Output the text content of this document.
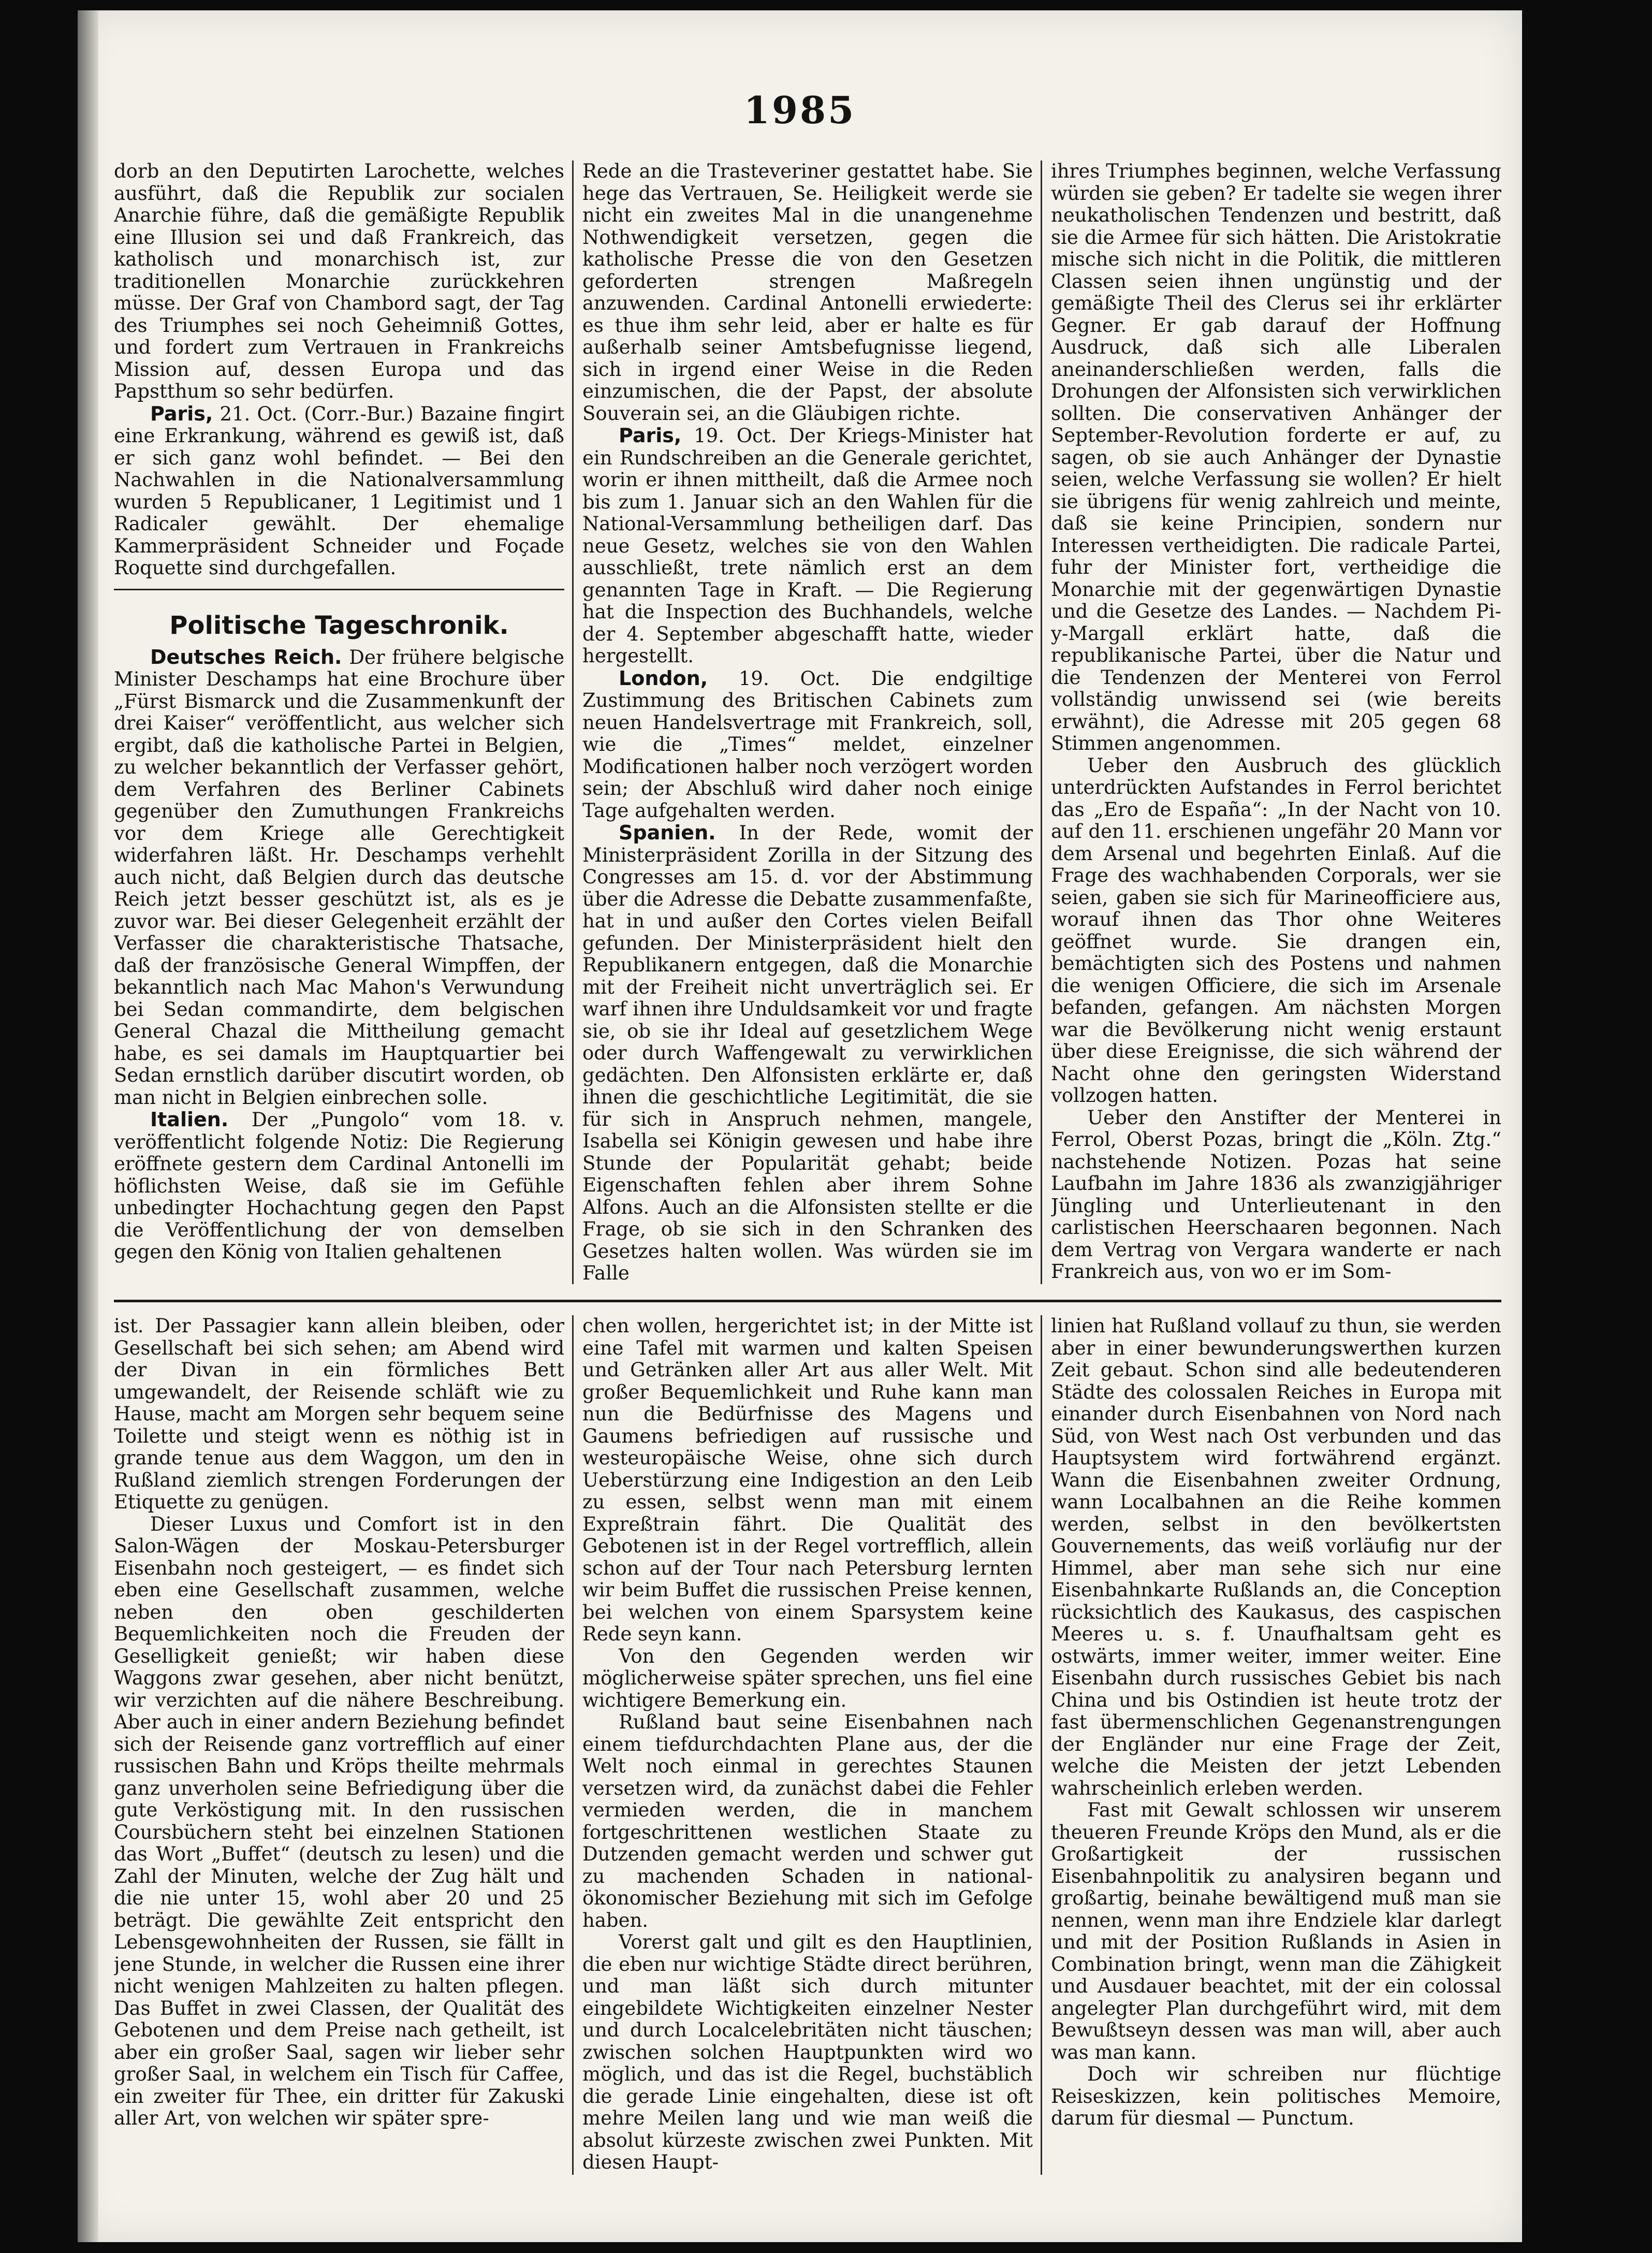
1985

dorb an den Deputirten Larochette, welches ausführt, daß die Republik zur socialen Anarchie führe, daß die gemäßigte Republik eine Illusion sei und daß Frankreich, das katholisch und monarchisch ist, zur traditionellen Monarchie zurückkehren müsse. Der Graf von Chambord sagt, der Tag des Triumphes sei noch Geheimniß Gottes, und fordert zum Vertrauen in Frankreichs Mission auf, dessen Europa und das Papstthum so sehr bedürfen.

Paris, 21. Oct. (Corr.-Bur.) Bazaine fingirt eine Erkrankung, während es gewiß ist, daß er sich ganz wohl befindet. — Bei den Nachwahlen in die Nationalversammlung wurden 5 Republicaner, 1 Legitimist und 1 Radicaler gewählt. Der ehemalige Kammerpräsident Schneider und Foçade Roquette sind durchgefallen.

Politische Tageschronik.

Deutsches Reich. Der frühere belgische Minister Deschamps hat eine Brochure über „Fürst Bismarck und die Zusammenkunft der drei Kaiser“ veröffentlicht, aus welcher sich ergibt, daß die katholische Partei in Belgien, zu welcher bekanntlich der Verfasser gehört, dem Verfahren des Berliner Cabinets gegenüber den Zumuthungen Frankreichs vor dem Kriege alle Gerechtigkeit widerfahren läßt. Hr. Deschamps verhehlt auch nicht, daß Belgien durch das deutsche Reich jetzt besser geschützt ist, als es je zuvor war. Bei dieser Gelegenheit erzählt der Verfasser die charakteristische Thatsache, daß der französische General Wimpffen, der bekanntlich nach Mac Mahon's Verwundung bei Sedan commandirte, dem belgischen General Chazal die Mittheilung gemacht habe, es sei damals im Hauptquartier bei Sedan ernstlich darüber discutirt worden, ob man nicht in Belgien einbrechen solle.

Italien. Der „Pungolo“ vom 18. v. veröffentlicht folgende Notiz: Die Regierung eröffnete gestern dem Cardinal Antonelli im höflichsten Weise, daß sie im Gefühle unbedingter Hochachtung gegen den Papst die Veröffentlichung der von demselben gegen den König von Italien gehaltenen

Rede an die Trasteveriner gestattet habe. Sie hege das Vertrauen, Se. Heiligkeit werde sie nicht ein zweites Mal in die unangenehme Nothwendigkeit versetzen, gegen die katholische Presse die von den Gesetzen geforderten strengen Maßregeln anzuwenden. Cardinal Antonelli erwiederte: es thue ihm sehr leid, aber er halte es für außerhalb seiner Amtsbefugnisse liegend, sich in irgend einer Weise in die Reden einzumischen, die der Papst, der absolute Souverain sei, an die Gläubigen richte.

Paris, 19. Oct. Der Kriegs-Minister hat ein Rundschreiben an die Generale gerichtet, worin er ihnen mittheilt, daß die Armee noch bis zum 1. Januar sich an den Wahlen für die National-Versammlung betheiligen darf. Das neue Gesetz, welches sie von den Wahlen ausschließt, trete nämlich erst an dem genannten Tage in Kraft. — Die Regierung hat die Inspection des Buchhandels, welche der 4. September abgeschafft hatte, wieder hergestellt.

London, 19. Oct. Die endgiltige Zustimmung des Britischen Cabinets zum neuen Handelsvertrage mit Frankreich, soll, wie die „Times“ meldet, einzelner Modificationen halber noch verzögert worden sein; der Abschluß wird daher noch einige Tage aufgehalten werden.

Spanien. In der Rede, womit der Ministerpräsident Zorilla in der Sitzung des Congresses am 15. d. vor der Abstimmung über die Adresse die Debatte zusammenfaßte, hat in und außer den Cortes vielen Beifall gefunden. Der Ministerpräsident hielt den Republikanern entgegen, daß die Monarchie mit der Freiheit nicht unverträglich sei. Er warf ihnen ihre Unduldsamkeit vor und fragte sie, ob sie ihr Ideal auf gesetzlichem Wege oder durch Waffengewalt zu verwirklichen gedächten. Den Alfonsisten erklärte er, daß ihnen die geschichtliche Legitimität, die sie für sich in Anspruch nehmen, mangele, Isabella sei Königin gewesen und habe ihre Stunde der Popularität gehabt; beide Eigenschaften fehlen aber ihrem Sohne Alfons. Auch an die Alfonsisten stellte er die Frage, ob sie sich in den Schranken des Gesetzes halten wollen. Was würden sie im Falle

ihres Triumphes beginnen, welche Verfassung würden sie geben? Er tadelte sie wegen ihrer neukatholischen Tendenzen und bestritt, daß sie die Armee für sich hätten. Die Aristokratie mische sich nicht in die Politik, die mittleren Classen seien ihnen ungünstig und der gemäßigte Theil des Clerus sei ihr erklärter Gegner. Er gab darauf der Hoffnung Ausdruck, daß sich alle Liberalen aneinanderschließen werden, falls die Drohungen der Alfonsisten sich verwirklichen sollten. Die conservativen Anhänger der September-Revolution forderte er auf, zu sagen, ob sie auch Anhänger der Dynastie seien, welche Verfassung sie wollen? Er hielt sie übrigens für wenig zahlreich und meinte, daß sie keine Principien, sondern nur Interessen vertheidigten. Die radicale Partei, fuhr der Minister fort, vertheidige die Monarchie mit der gegenwärtigen Dynastie und die Gesetze des Landes. — Nachdem Pi-y-Margall erklärt hatte, daß die republikanische Partei, über die Natur und die Tendenzen der Menterei von Ferrol vollständig unwissend sei (wie bereits erwähnt), die Adresse mit 205 gegen 68 Stimmen angenommen.

Ueber den Ausbruch des glücklich unterdrückten Aufstandes in Ferrol berichtet das „Ero de España“: „In der Nacht von 10. auf den 11. erschienen ungefähr 20 Mann vor dem Arsenal und begehrten Einlaß. Auf die Frage des wachhabenden Corporals, wer sie seien, gaben sie sich für Marineofficiere aus, worauf ihnen das Thor ohne Weiteres geöffnet wurde. Sie drangen ein, bemächtigten sich des Postens und nahmen die wenigen Officiere, die sich im Arsenale befanden, gefangen. Am nächsten Morgen war die Bevölkerung nicht wenig erstaunt über diese Ereignisse, die sich während der Nacht ohne den geringsten Widerstand vollzogen hatten.

Ueber den Anstifter der Menterei in Ferrol, Oberst Pozas, bringt die „Köln. Ztg.“ nachstehende Notizen. Pozas hat seine Laufbahn im Jahre 1836 als zwanzigjähriger Jüngling und Unterlieutenant in den carlistischen Heerschaaren begonnen. Nach dem Vertrag von Vergara wanderte er nach Frankreich aus, von wo er im Som-

ist. Der Passagier kann allein bleiben, oder Gesellschaft bei sich sehen; am Abend wird der Divan in ein förmliches Bett umgewandelt, der Reisende schläft wie zu Hause, macht am Morgen sehr bequem seine Toilette und steigt wenn es nöthig ist in grande tenue aus dem Waggon, um den in Rußland ziemlich strengen Forderungen der Etiquette zu genügen.

Dieser Luxus und Comfort ist in den Salon-Wägen der Moskau-Petersburger Eisenbahn noch gesteigert, — es findet sich eben eine Gesellschaft zusammen, welche neben den oben geschilderten Bequemlichkeiten noch die Freuden der Geselligkeit genießt; wir haben diese Waggons zwar gesehen, aber nicht benützt, wir verzichten auf die nähere Beschreibung. Aber auch in einer andern Beziehung befindet sich der Reisende ganz vortrefflich auf einer russischen Bahn und Kröps theilte mehrmals ganz unverholen seine Befriedigung über die gute Verköstigung mit. In den russischen Coursbüchern steht bei einzelnen Stationen das Wort „Buffet“ (deutsch zu lesen) und die Zahl der Minuten, welche der Zug hält und die nie unter 15, wohl aber 20 und 25 beträgt. Die gewählte Zeit entspricht den Lebensgewohnheiten der Russen, sie fällt in jene Stunde, in welcher die Russen eine ihrer nicht wenigen Mahlzeiten zu halten pflegen. Das Buffet in zwei Classen, der Qualität des Gebotenen und dem Preise nach getheilt, ist aber ein großer Saal, sagen wir lieber sehr großer Saal, in welchem ein Tisch für Caffee, ein zweiter für Thee, ein dritter für Zakuski aller Art, von welchen wir später spre-

chen wollen, hergerichtet ist; in der Mitte ist eine Tafel mit warmen und kalten Speisen und Getränken aller Art aus aller Welt. Mit großer Bequemlichkeit und Ruhe kann man nun die Bedürfnisse des Magens und Gaumens befriedigen auf russische und westeuropäische Weise, ohne sich durch Ueberstürzung eine Indigestion an den Leib zu essen, selbst wenn man mit einem Expreßtrain fährt. Die Qualität des Gebotenen ist in der Regel vortrefflich, allein schon auf der Tour nach Petersburg lernten wir beim Buffet die russischen Preise kennen, bei welchen von einem Sparsystem keine Rede seyn kann.

Von den Gegenden werden wir möglicherweise später sprechen, uns fiel eine wichtigere Bemerkung ein.

Rußland baut seine Eisenbahnen nach einem tiefdurchdachten Plane aus, der die Welt noch einmal in gerechtes Staunen versetzen wird, da zunächst dabei die Fehler vermieden werden, die in manchem fortgeschrittenen westlichen Staate zu Dutzenden gemacht werden und schwer gut zu machenden Schaden in national-ökonomischer Beziehung mit sich im Gefolge haben.

Vorerst galt und gilt es den Hauptlinien, die eben nur wichtige Städte direct berühren, und man läßt sich durch mitunter eingebildete Wichtigkeiten einzelner Nester und durch Localcelebritäten nicht täuschen; zwischen solchen Hauptpunkten wird wo möglich, und das ist die Regel, buchstäblich die gerade Linie eingehalten, diese ist oft mehre Meilen lang und wie man weiß die absolut kürzeste zwischen zwei Punkten. Mit diesen Haupt-

linien hat Rußland vollauf zu thun, sie werden aber in einer bewunderungswerthen kurzen Zeit gebaut. Schon sind alle bedeutenderen Städte des colossalen Reiches in Europa mit einander durch Eisenbahnen von Nord nach Süd, von West nach Ost verbunden und das Hauptsystem wird fortwährend ergänzt. Wann die Eisenbahnen zweiter Ordnung, wann Localbahnen an die Reihe kommen werden, selbst in den bevölkertsten Gouvernements, das weiß vorläufig nur der Himmel, aber man sehe sich nur eine Eisenbahnkarte Rußlands an, die Conception rücksichtlich des Kaukasus, des caspischen Meeres u. s. f. Unaufhaltsam geht es ostwärts, immer weiter, immer weiter. Eine Eisenbahn durch russisches Gebiet bis nach China und bis Ostindien ist heute trotz der fast übermenschlichen Gegenanstrengungen der Engländer nur eine Frage der Zeit, welche die Meisten der jetzt Lebenden wahrscheinlich erleben werden.

Fast mit Gewalt schlossen wir unserem theueren Freunde Kröps den Mund, als er die Großartigkeit der russischen Eisenbahnpolitik zu analysiren begann und großartig, beinahe bewältigend muß man sie nennen, wenn man ihre Endziele klar darlegt und mit der Position Rußlands in Asien in Combination bringt, wenn man die Zähigkeit und Ausdauer beachtet, mit der ein colossal angelegter Plan durchgeführt wird, mit dem Bewußtseyn dessen was man will, aber auch was man kann.

Doch wir schreiben nur flüchtige Reiseskizzen, kein politisches Memoire, darum für diesmal — Punctum.
